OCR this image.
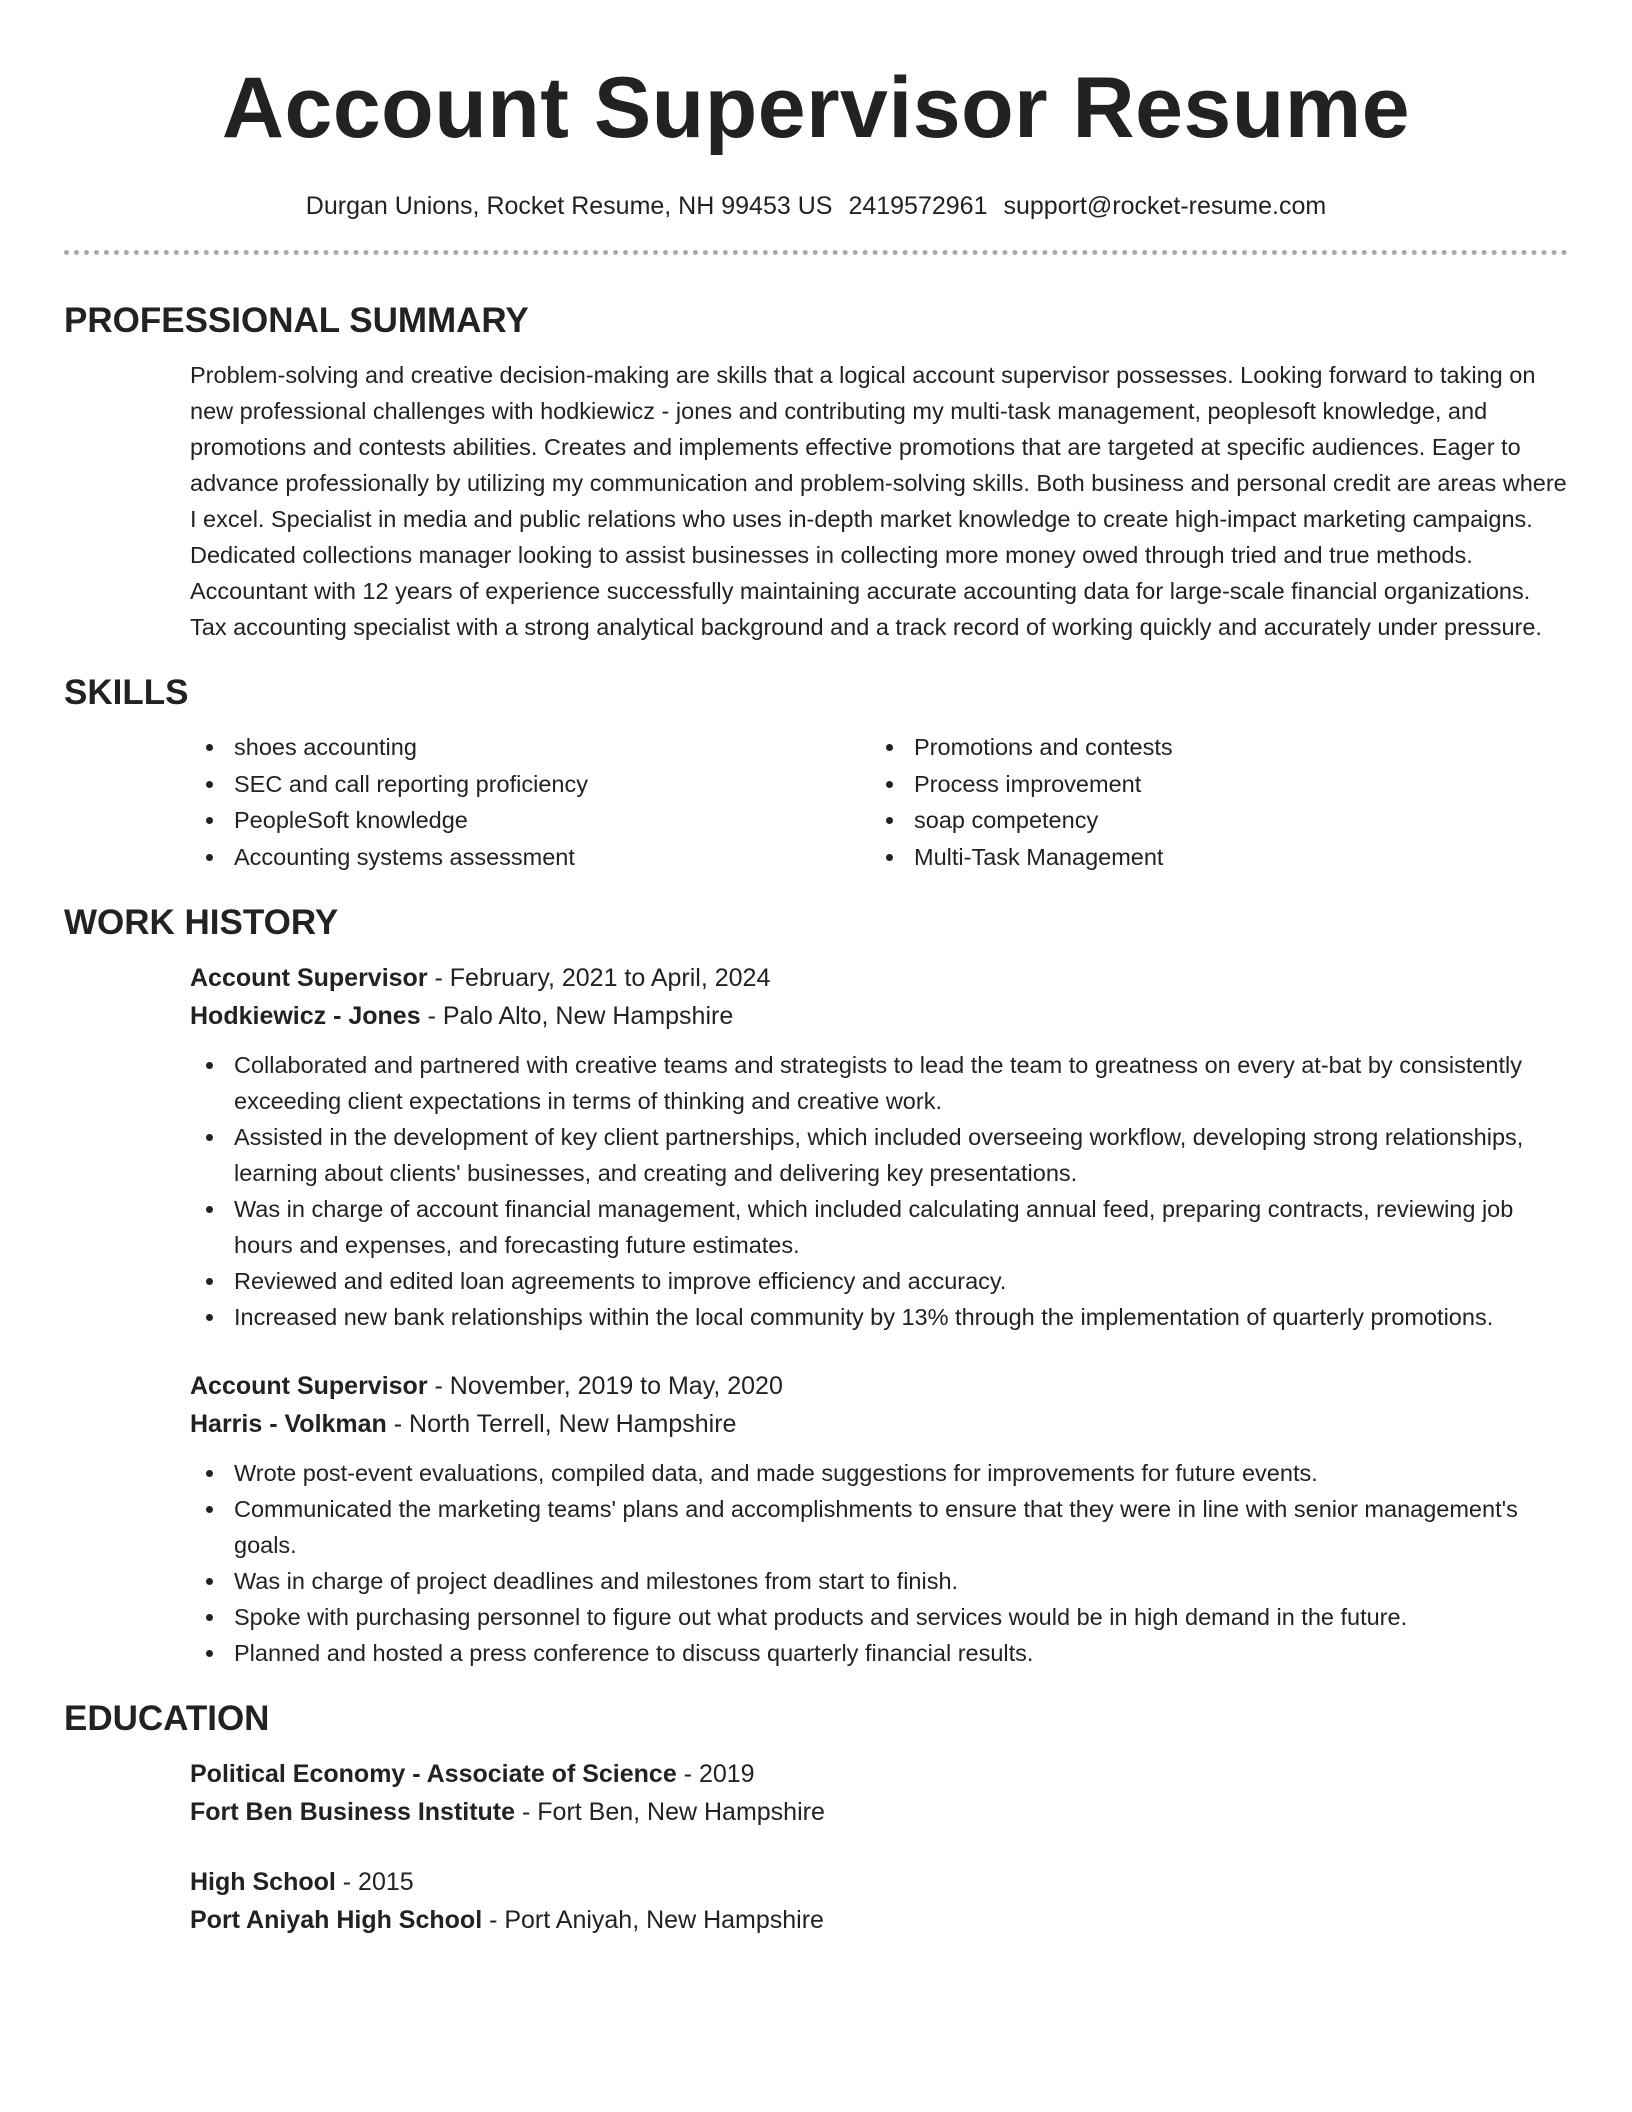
Account Supervisor Resume
Durgan Unions, Rocket Resume, NH 99453 US 2419572961 support@rocket-resume.com
PROFESSIONAL SUMMARY
Problem-solving and creative decision-making are skills that a logical account supervisor possesses. Looking forward to taking on new professional challenges with hodkiewicz - jones and contributing my multi-task management, peoplesoft knowledge, and promotions and contests abilities. Creates and implements effective promotions that are targeted at specific audiences. Eager to advance professionally by utilizing my communication and problem-solving skills. Both business and personal credit are areas where I excel. Specialist in media and public relations who uses in-depth market knowledge to create high-impact marketing campaigns. Dedicated collections manager looking to assist businesses in collecting more money owed through tried and true methods. Accountant with 12 years of experience successfully maintaining accurate accounting data for large-scale financial organizations. Tax accounting specialist with a strong analytical background and a track record of working quickly and accurately under pressure.
SKILLS
shoes accounting
SEC and call reporting proficiency
PeopleSoft knowledge
Accounting systems assessment
Promotions and contests
Process improvement
soap competency
Multi-Task Management
WORK HISTORY
Account Supervisor - February, 2021 to April, 2024
Hodkiewicz - Jones - Palo Alto, New Hampshire
Collaborated and partnered with creative teams and strategists to lead the team to greatness on every at-bat by consistently exceeding client expectations in terms of thinking and creative work.
Assisted in the development of key client partnerships, which included overseeing workflow, developing strong relationships, learning about clients' businesses, and creating and delivering key presentations.
Was in charge of account financial management, which included calculating annual feed, preparing contracts, reviewing job hours and expenses, and forecasting future estimates.
Reviewed and edited loan agreements to improve efficiency and accuracy.
Increased new bank relationships within the local community by 13% through the implementation of quarterly promotions.
Account Supervisor - November, 2019 to May, 2020
Harris - Volkman - North Terrell, New Hampshire
Wrote post-event evaluations, compiled data, and made suggestions for improvements for future events.
Communicated the marketing teams' plans and accomplishments to ensure that they were in line with senior management's goals.
Was in charge of project deadlines and milestones from start to finish.
Spoke with purchasing personnel to figure out what products and services would be in high demand in the future.
Planned and hosted a press conference to discuss quarterly financial results.
EDUCATION
Political Economy - Associate of Science - 2019
Fort Ben Business Institute - Fort Ben, New Hampshire
High School - 2015
Port Aniyah High School - Port Aniyah, New Hampshire
